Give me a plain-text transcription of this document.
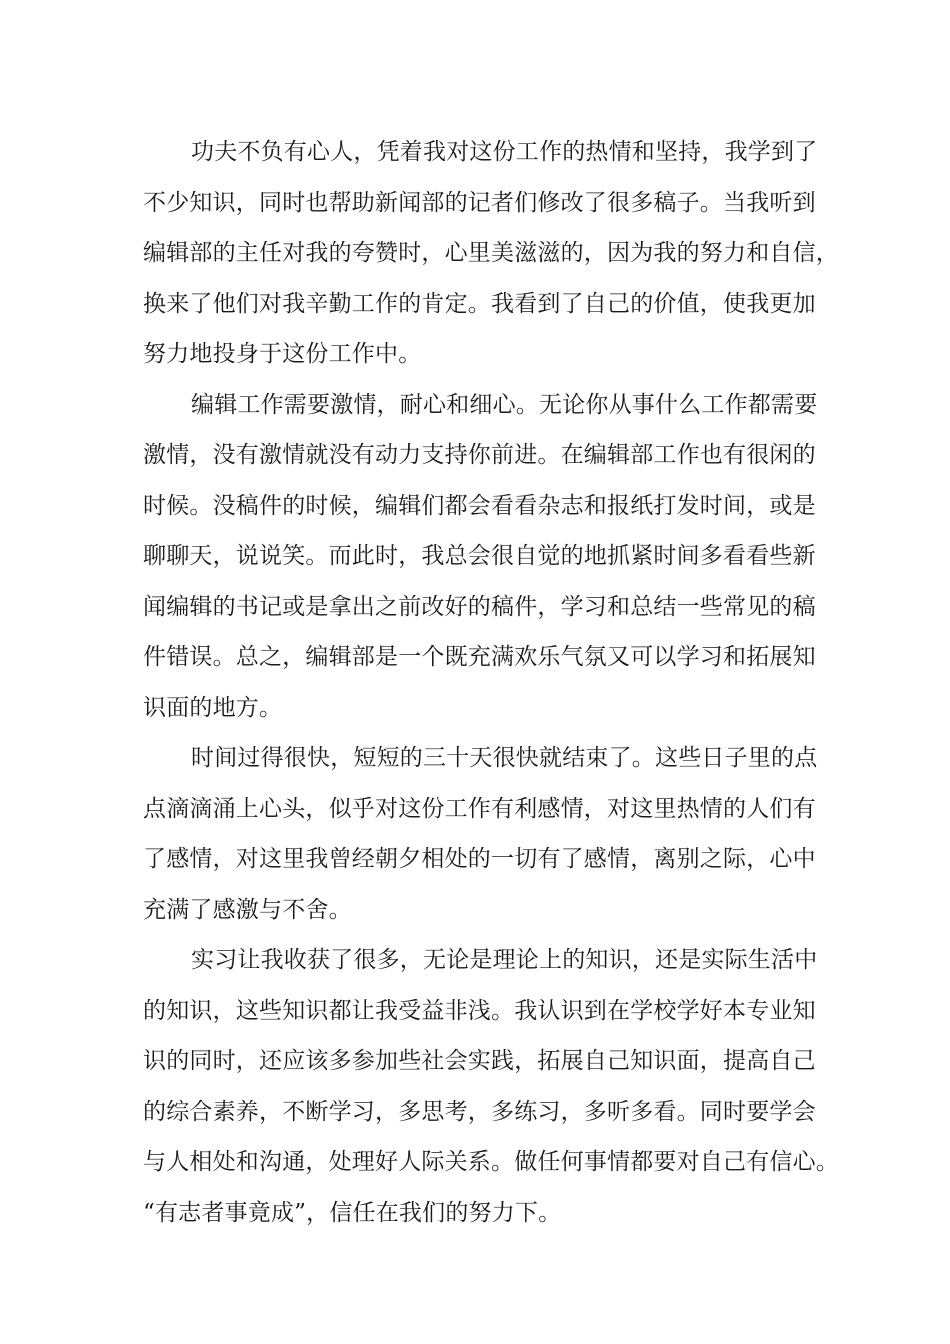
功夫不负有心人，凭着我对这份工作的热情和坚持，我学到了
不少知识，同时也帮助新闻部的记者们修改了很多稿子。当我听到
编辑部的主任对我的夸赞时，心里美滋滋的，因为我的努力和自信，
换来了他们对我辛勤工作的肯定。我看到了自己的价值，使我更加
努力地投身于这份工作中。

编辑工作需要激情，耐心和细心。无论你从事什么工作都需要
激情，没有激情就没有动力支持你前进。在编辑部工作也有很闲的
时候。没稿件的时候，编辑们都会看看杂志和报纸打发时间，或是
聊聊天，说说笑。而此时，我总会很自觉的地抓紧时间多看看些新
闻编辑的书记或是拿出之前改好的稿件，学习和总结一些常见的稿
件错误。总之，编辑部是一个既充满欢乐气氛又可以学习和拓展知
识面的地方。

时间过得很快，短短的三十天很快就结束了。这些日子里的点
点滴滴涌上心头，似乎对这份工作有利感情，对这里热情的人们有
了感情，对这里我曾经朝夕相处的一切有了感情，离别之际，心中
充满了感激与不舍。

实习让我收获了很多，无论是理论上的知识，还是实际生活中
的知识，这些知识都让我受益非浅。我认识到在学校学好本专业知
识的同时，还应该多参加些社会实践，拓展自己知识面，提高自己
的综合素养，不断学习，多思考，多练习，多听多看。同时要学会
与人相处和沟通，处理好人际关系。做任何事情都要对自己有信心。
“有志者事竟成”，信任在我们的努力下。
